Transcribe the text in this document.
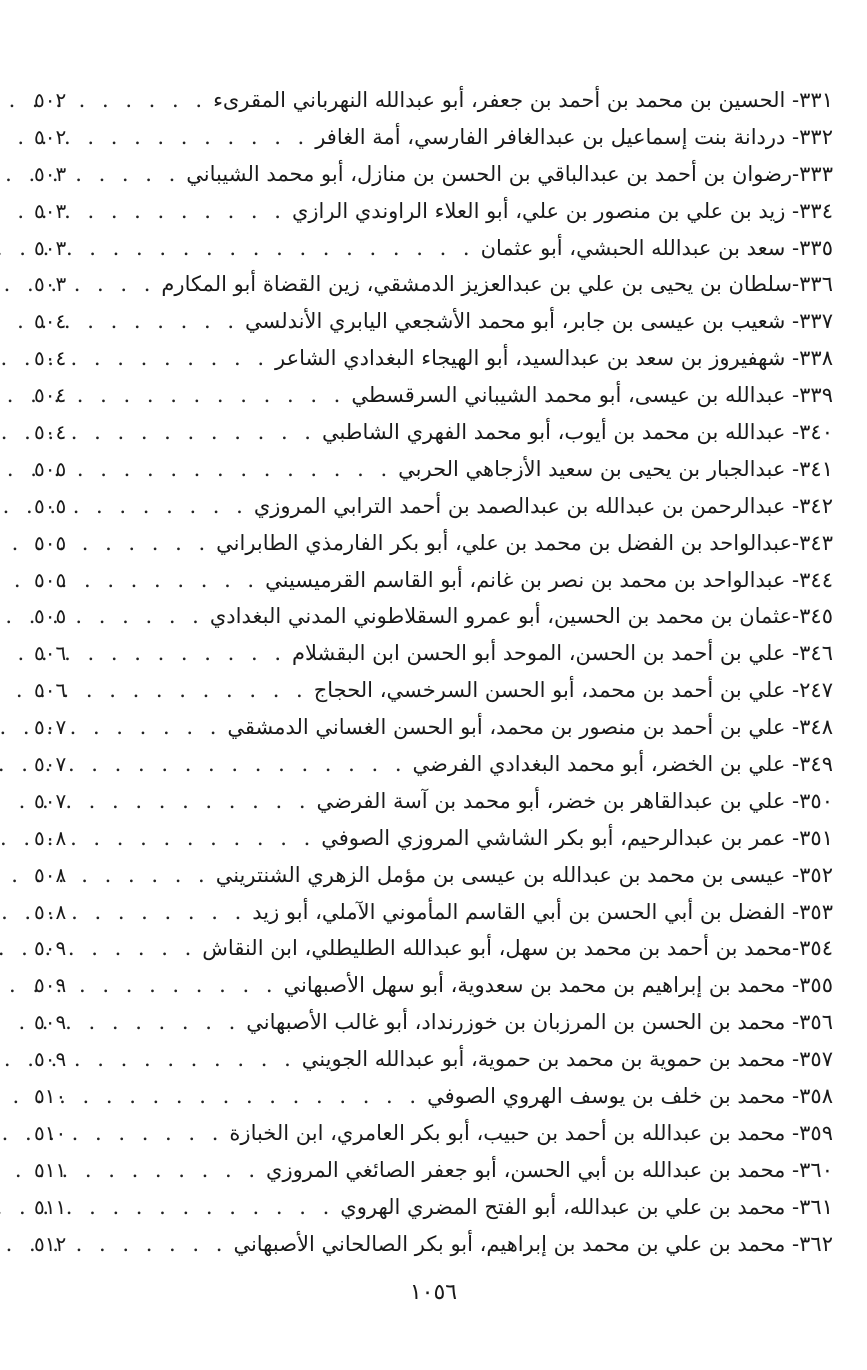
٣٣١- الحسين بن محمد بن أحمد بن جعفر، أبو عبدالله النهرباني المقرىء
. . .
٥٠٢
٣٣٢- دردانة بنت إسماعيل بن عبدالغافر الفارسي، أمة الغافر
. . .
٥٠٢
٣٣٣-رضوان بن أحمد بن عبدالباقي بن الحسن بن منازل، أبو محمد الشيباني
. . .
٥٠٣
٣٣٤- زيد بن علي بن منصور بن علي، أبو العلاء الراوندي الرازي
. . .
٥٠٣
٣٣٥- سعد بن عبدالله الحبشي، أبو عثمان
. . .
٥٠٣
٣٣٦-سلطان بن يحيى بن علي بن عبدالعزيز الدمشقي، زين القضاة أبو المكارم
. . .
٥٠٣
٣٣٧- شعيب بن عيسى بن جابر، أبو محمد الأشجعي اليابري الأندلسي
. . .
٥٠٤
٣٣٨- شهفيروز بن سعد بن عبدالسيد، أبو الهيجاء البغدادي الشاعر
. . .
٥٠٤
٣٣٩- عبدالله بن عيسى، أبو محمد الشيباني السرقسطي
. . .
٥٠٤
٣٤٠- عبدالله بن محمد بن أيوب، أبو محمد الفهري الشاطبي
. . .
٥٠٤
٣٤١- عبدالجبار بن يحيى بن سعيد الأزجاهي الحربي
. . .
٥٠٥
٣٤٢- عبدالرحمن بن عبدالله بن عبدالصمد بن أحمد الترابي المروزي
. . .
٥٠٥
٣٤٣-عبدالواحد بن الفضل بن محمد بن علي، أبو بكر الفارمذي الطابراني
. . .
٥٠٥
٣٤٤- عبدالواحد بن محمد بن نصر بن غانم، أبو القاسم القرميسيني
. . .
٥٠٥
٣٤٥-عثمان بن محمد بن الحسين، أبو عمرو السقلاطوني المدني البغدادي
. . .
٥٠٥
٣٤٦- علي بن أحمد بن الحسن، الموحد أبو الحسن ابن البقشلام
. . .
٥٠٦
٢٤٧- علي بن أحمد بن محمد، أبو الحسن السرخسي، الحجاج
. . .
٥٠٦
٣٤٨- علي بن أحمد بن منصور بن محمد، أبو الحسن الغساني الدمشقي
. . .
٥٠٧
٣٤٩- علي بن الخضر، أبو محمد البغدادي الفرضي
. . .
٥٠٧
٣٥٠- علي بن عبدالقاهر بن خضر، أبو محمد بن آسة الفرضي
. . .
٥٠٧
٣٥١- عمر بن عبدالرحيم، أبو بكر الشاشي المروزي الصوفي
. . .
٥٠٨
٣٥٢- عيسى بن محمد بن عبدالله بن عيسى بن مؤمل الزهري الشنتريني
. . .
٥٠٨
٣٥٣- الفضل بن أبي الحسن بن أبي القاسم المأموني الآملي، أبو زيد
. . .
٥٠٨
٣٥٤-محمد بن أحمد بن محمد بن سهل، أبو عبدالله الطليطلي، ابن النقاش
. . .
٥٠٩
٣٥٥- محمد بن إبراهيم بن محمد بن سعدوية، أبو سهل الأصبهاني
. . .
٥٠٩
٣٥٦- محمد بن الحسن بن المرزبان بن خوزرنداد، أبو غالب الأصبهاني
. . .
٥٠٩
٣٥٧- محمد بن حموية بن محمد بن حموية، أبو عبدالله الجويني
. . .
٥٠٩
٣٥٨- محمد بن خلف بن يوسف الهروي الصوفي
. . .
٥١٠
٣٥٩- محمد بن عبدالله بن أحمد بن حبيب، أبو بكر العامري، ابن الخبازة
. . .
٥١٠
٣٦٠- محمد بن عبدالله بن أبي الحسن، أبو جعفر الصائغي المروزي
. . .
٥١١
٣٦١- محمد بن علي بن عبدالله، أبو الفتح المضري الهروي
. . .
٥١١
٣٦٢- محمد بن علي بن محمد بن إبراهيم، أبو بكر الصالحاني الأصبهاني
. . .
٥١٢
١٠٥٦
